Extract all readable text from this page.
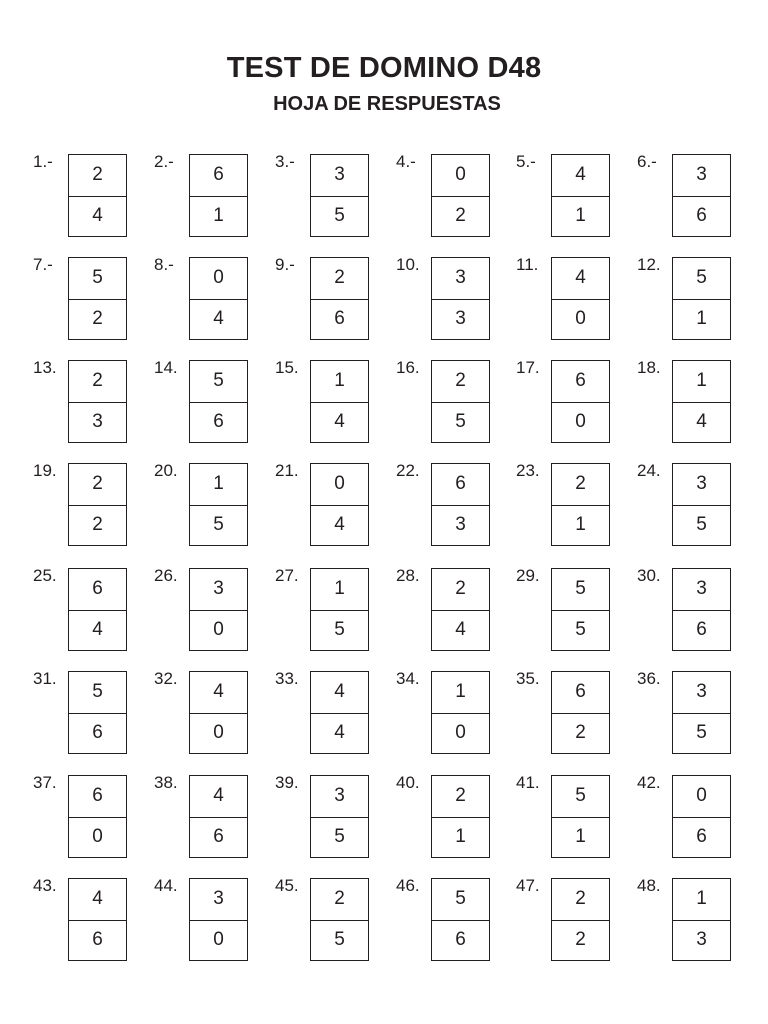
TEST DE DOMINO D48
HOJA DE RESPUESTAS
1.-
2
4
2.-
6
1
3.-
3
5
4.-
0
2
5.-
4
1
6.-
3
6
7.-
5
2
8.-
0
4
9.-
2
6
10.
3
3
11.
4
0
12.
5
1
13.
2
3
14.
5
6
15.
1
4
16.
2
5
17.
6
0
18.
1
4
19.
2
2
20.
1
5
21.
0
4
22.
6
3
23.
2
1
24.
3
5
25.
6
4
26.
3
0
27.
1
5
28.
2
4
29.
5
5
30.
3
6
31.
5
6
32.
4
0
33.
4
4
34.
1
0
35.
6
2
36.
3
5
37.
6
0
38.
4
6
39.
3
5
40.
2
1
41.
5
1
42.
0
6
43.
4
6
44.
3
0
45.
2
5
46.
5
6
47.
2
2
48.
1
3
